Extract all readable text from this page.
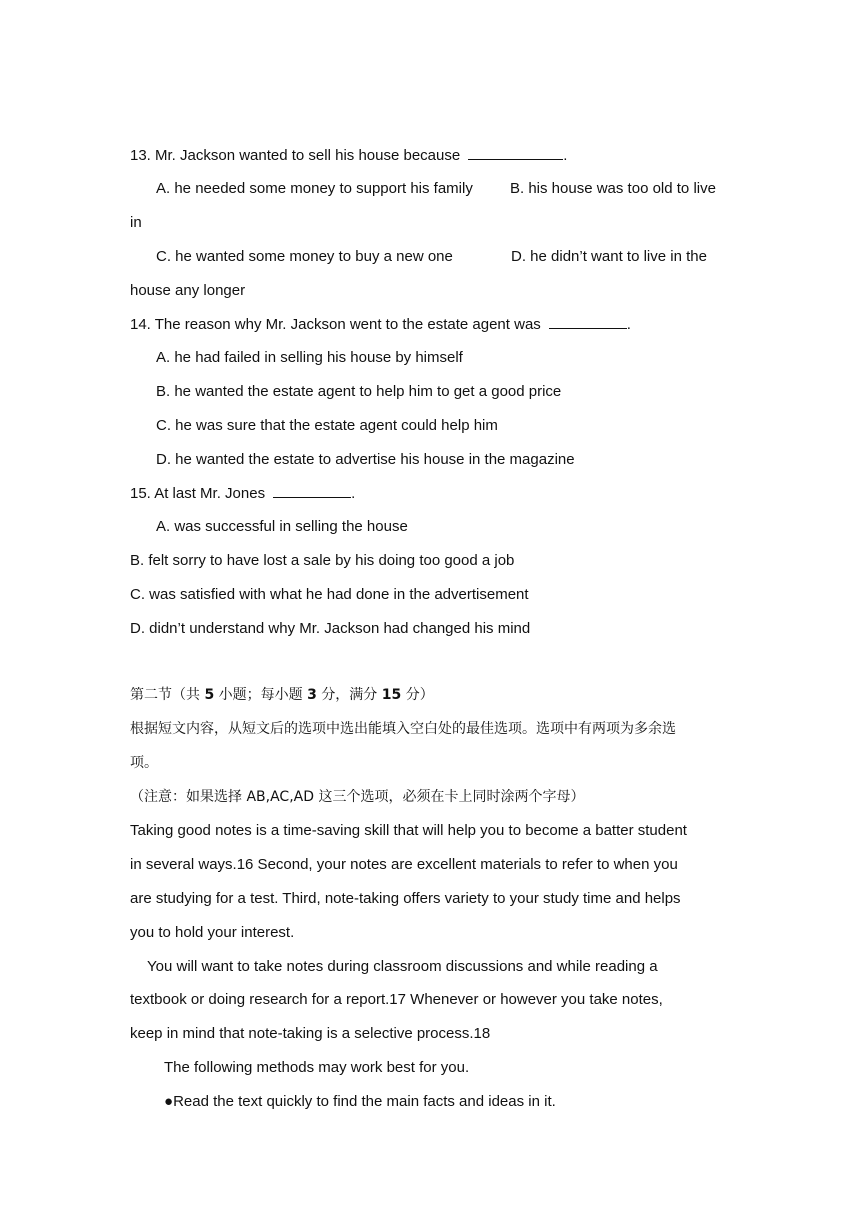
13. Mr. Jackson wanted to sell his house because	.
A. he needed some money to support his family B. his house was too old to live
in
C. he wanted some money to buy a new one	D. he didn’t want to live in the
house any longer
14. The reason why Mr. Jackson went to the estate agent was	.
A. he had failed in selling his house by himself
B. he wanted the estate agent to help him to get a good price
C. he was sure that the estate agent could help him
D. he wanted the estate to advertise his house in the magazine
15. At last Mr. Jones	.
A. was successful in selling the house
B. felt sorry to have lost a sale by his doing too good a job
C. was satisfied with what he had done in the advertisement
D. didn’t understand why Mr. Jackson had changed his mind
第二节（共 5 小题；每小题 3 分，满分 15 分）
根据短文内容，从短文后的选项中选出能填入空白处的最佳选项。选项中有两项为多余选
项。
（注意：如果选择 AB,AC,AD 这三个选项，必须在卡上同时涂两个字母）
Taking good notes is a time-saving skill that will help you to become a batter student
in several ways.16 Second, your notes are excellent materials to refer to when you
are studying for a test. Third, note-taking offers variety to your study time and helps
you to hold your interest.
You will want to take notes during classroom discussions and while reading a
textbook or doing research for a report.17 Whenever or however you take notes,
keep in mind that note-taking is a selective process.18
The following methods may work best for you.
●Read the text quickly to find the main facts and ideas in it.
